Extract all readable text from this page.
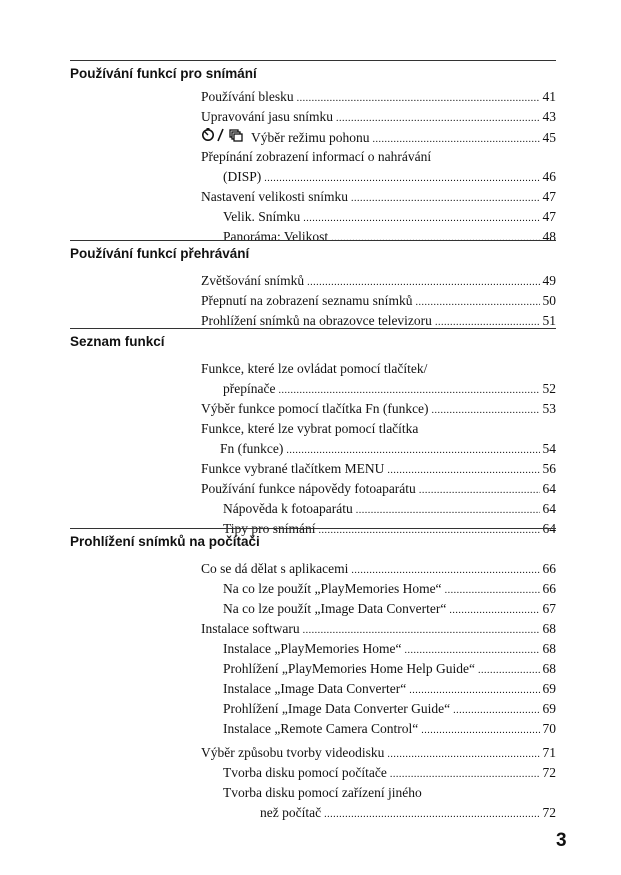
Používání funkcí pro snímání
Používání blesku .....	41
Upravování jasu snímku .....	43
Výběr režimu pohonu .....	45
Přepínání zobrazení informací o nahrávání
(DISP) .....	46
Nastavení velikosti snímku .....	47
Velik. Snímku .....	47
Panoráma: Velikost .....	48
Používání funkcí přehrávání
Zvětšování snímků .....	49
Přepnutí na zobrazení seznamu snímků .....	50
Prohlížení snímků na obrazovce televizoru .....	51
Seznam funkcí
Funkce, které lze ovládat pomocí tlačítek/
přepínače .....	52
Výběr funkce pomocí tlačítka Fn (funkce) .....	53
Funkce, které lze vybrat pomocí tlačítka
Fn (funkce) .....	54
Funkce vybrané tlačítkem MENU .....	56
Používání funkce nápovědy fotoaparátu .....	64
Nápověda k fotoaparátu .....	64
Tipy pro snímání .....	64
Prohlížení snímků na počítači
Co se dá dělat s aplikacemi .....	66
Na co lze použít „PlayMemories Home“ .....	66
Na co lze použít „Image Data Converter“ .....	67
Instalace softwaru .....	68
Instalace „PlayMemories Home“ .....	68
Prohlížení „PlayMemories Home Help Guide“ .....	68
Instalace „Image Data Converter“ .....	69
Prohlížení „Image Data Converter Guide“ .....	69
Instalace „Remote Camera Control“ .....	70
Výběr způsobu tvorby videodisku .....	71
Tvorba disku pomocí počítače .....	72
Tvorba disku pomocí zařízení jiného
než počítač .....	72
3
